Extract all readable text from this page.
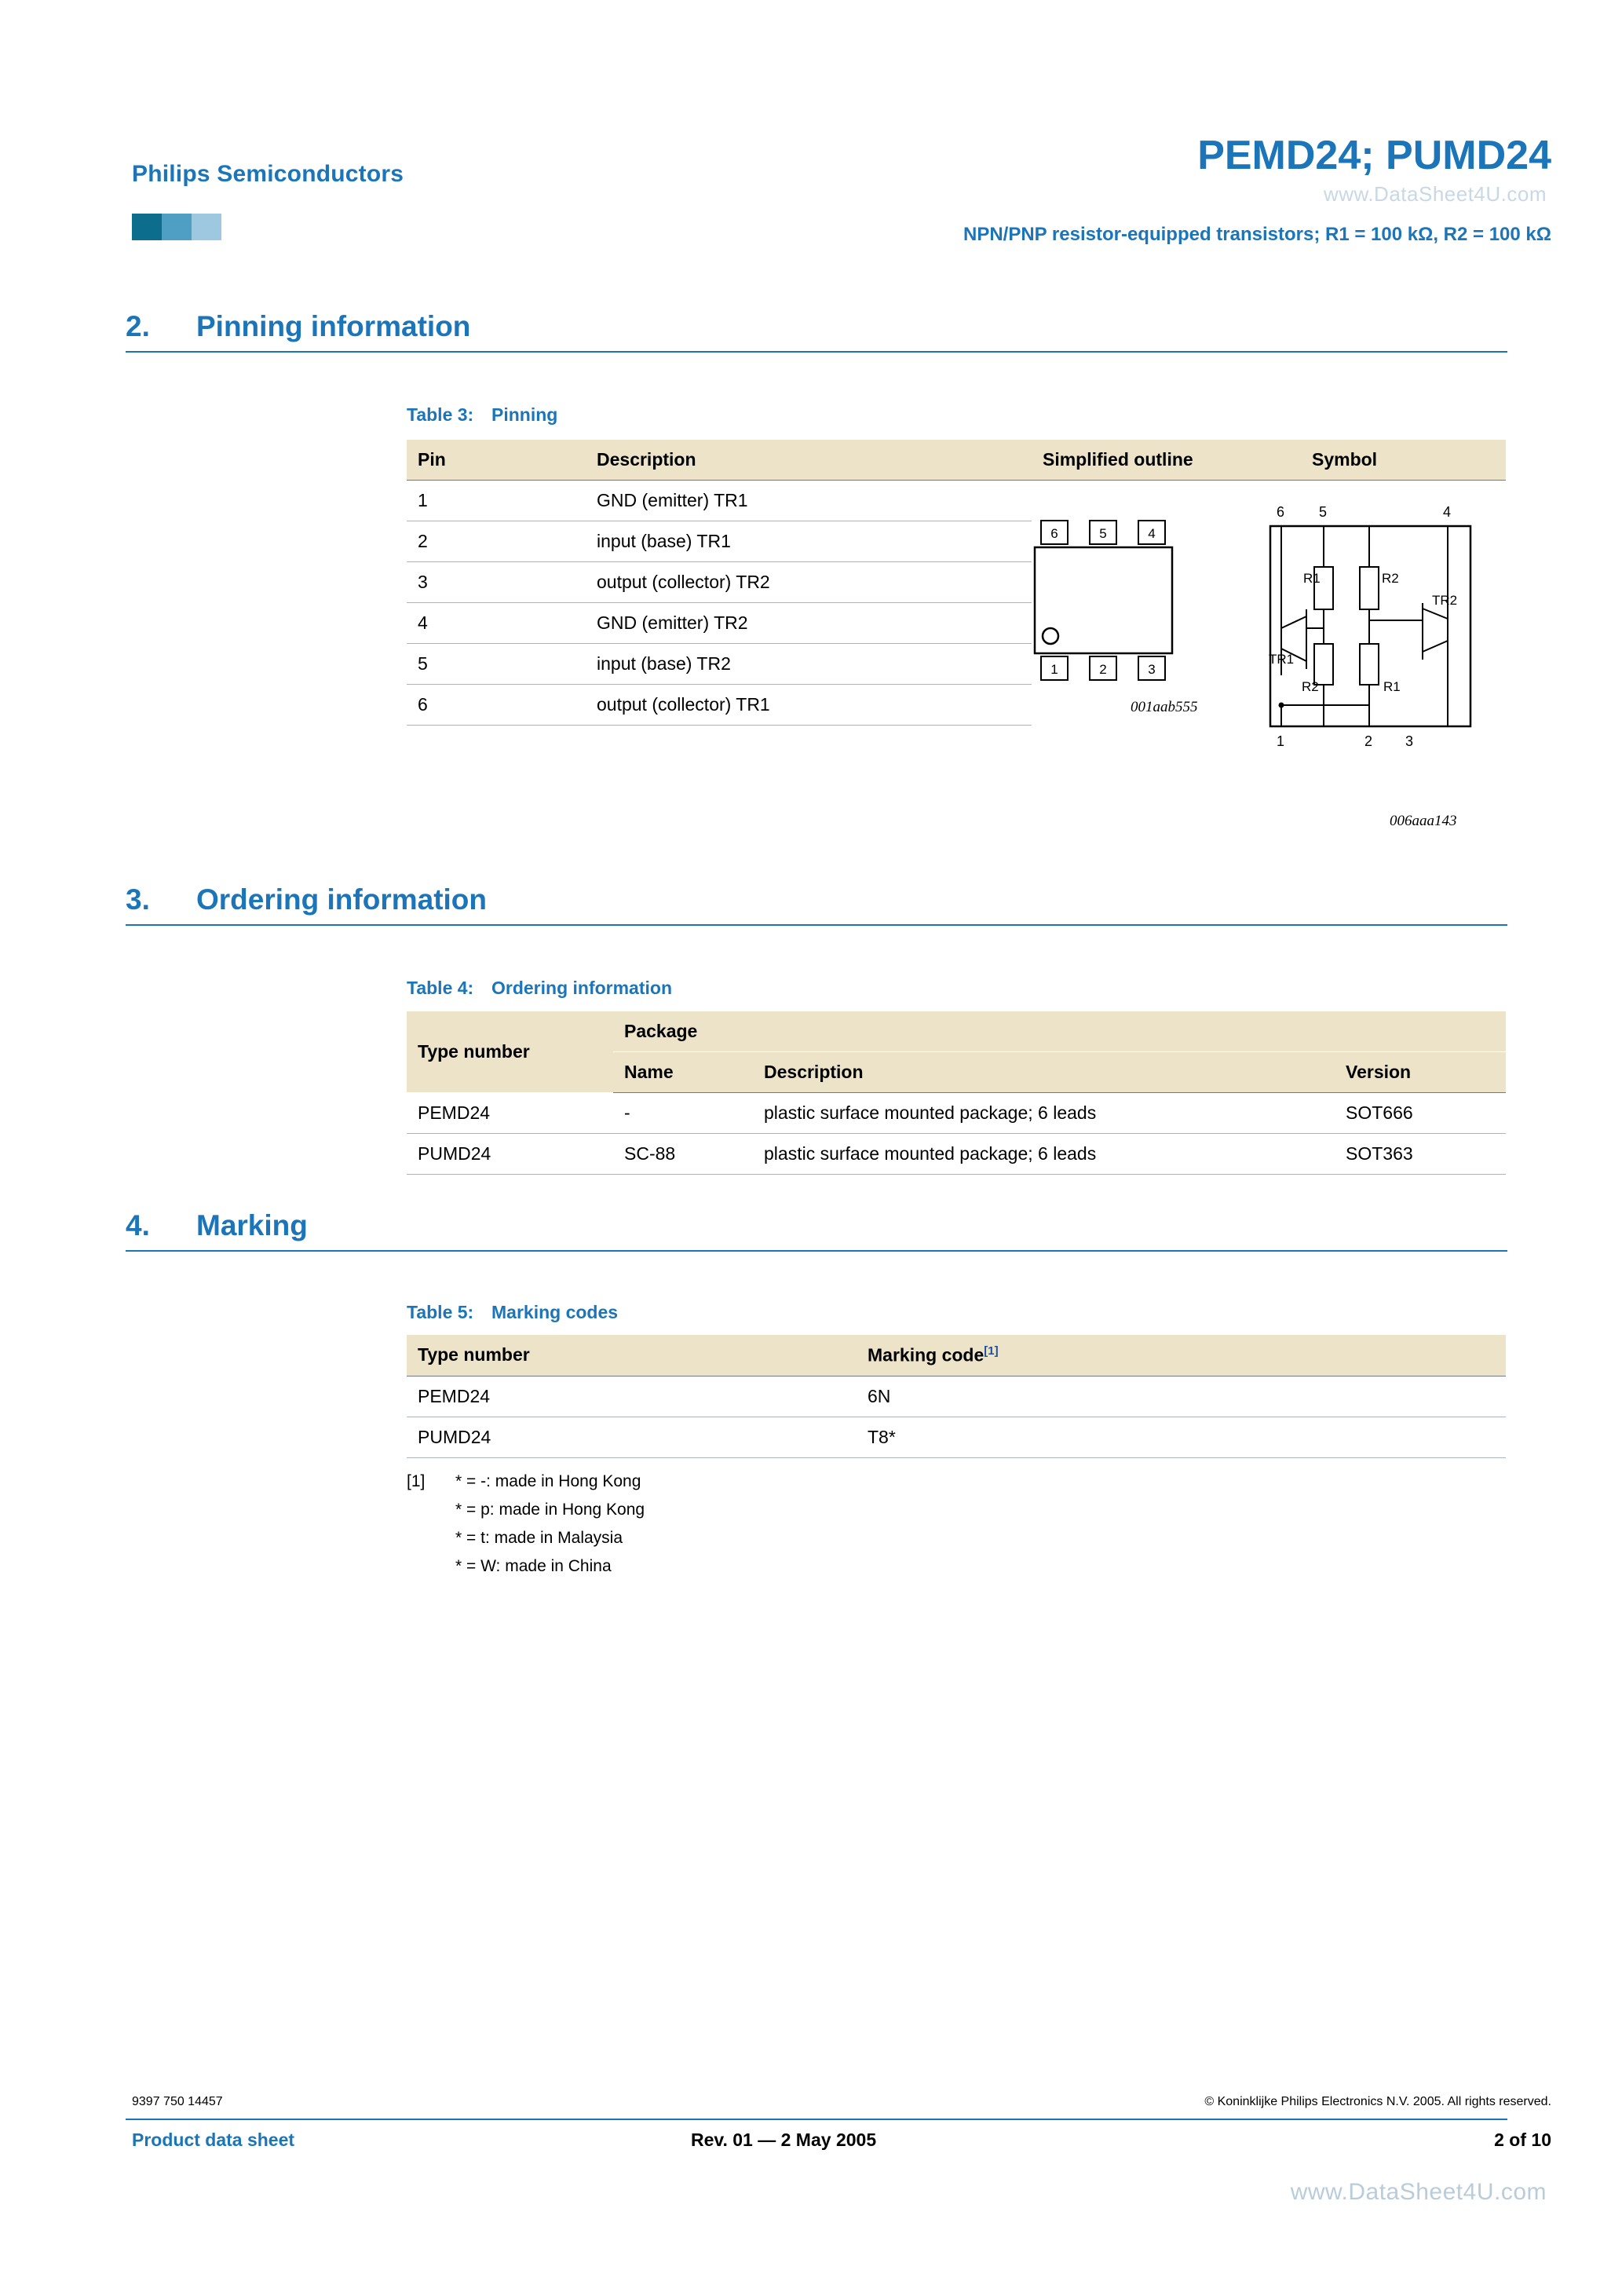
Philips Semiconductors	PEMD24; PUMD24
www.DataSheet4U.com
NPN/PNP resistor-equipped transistors; R1 = 100 kΩ, R2 = 100 kΩ
2. Pinning information
Table 3: Pinning
Pin	Description	Simplified outline	Symbol
1	GND (emitter) TR1		
2	input (base) TR1		
3	output (collector) TR2		
4	GND (emitter) TR2		
5	input (base) TR2		
6	output (collector) TR1		
6	5	4
1	2	3
001aab555
6 5	4
R1	R2
TR1
TR2
R2	R1
1	2 3
006aaa143
3. Ordering information
Table 4: Ordering information
Type number	Package		
	Name	Description	Version
PEMD24	-	plastic surface mounted package; 6 leads	SOT666
PUMD24	SC-88	plastic surface mounted package; 6 leads	SOT363
4. Marking
Table 5: Marking codes
Type number	Marking code[1]
PEMD24	6N
PUMD24	T8*
[1] * = -: made in Hong Kong
* = p: made in Hong Kong
* = t: made in Malaysia
* = W: made in China
9397 750 14457	© Koninklijke Philips Electronics N.V. 2005. All rights reserved.
Product data sheet	Rev. 01 — 2 May 2005	2 of 10
www.DataSheet4U.com
